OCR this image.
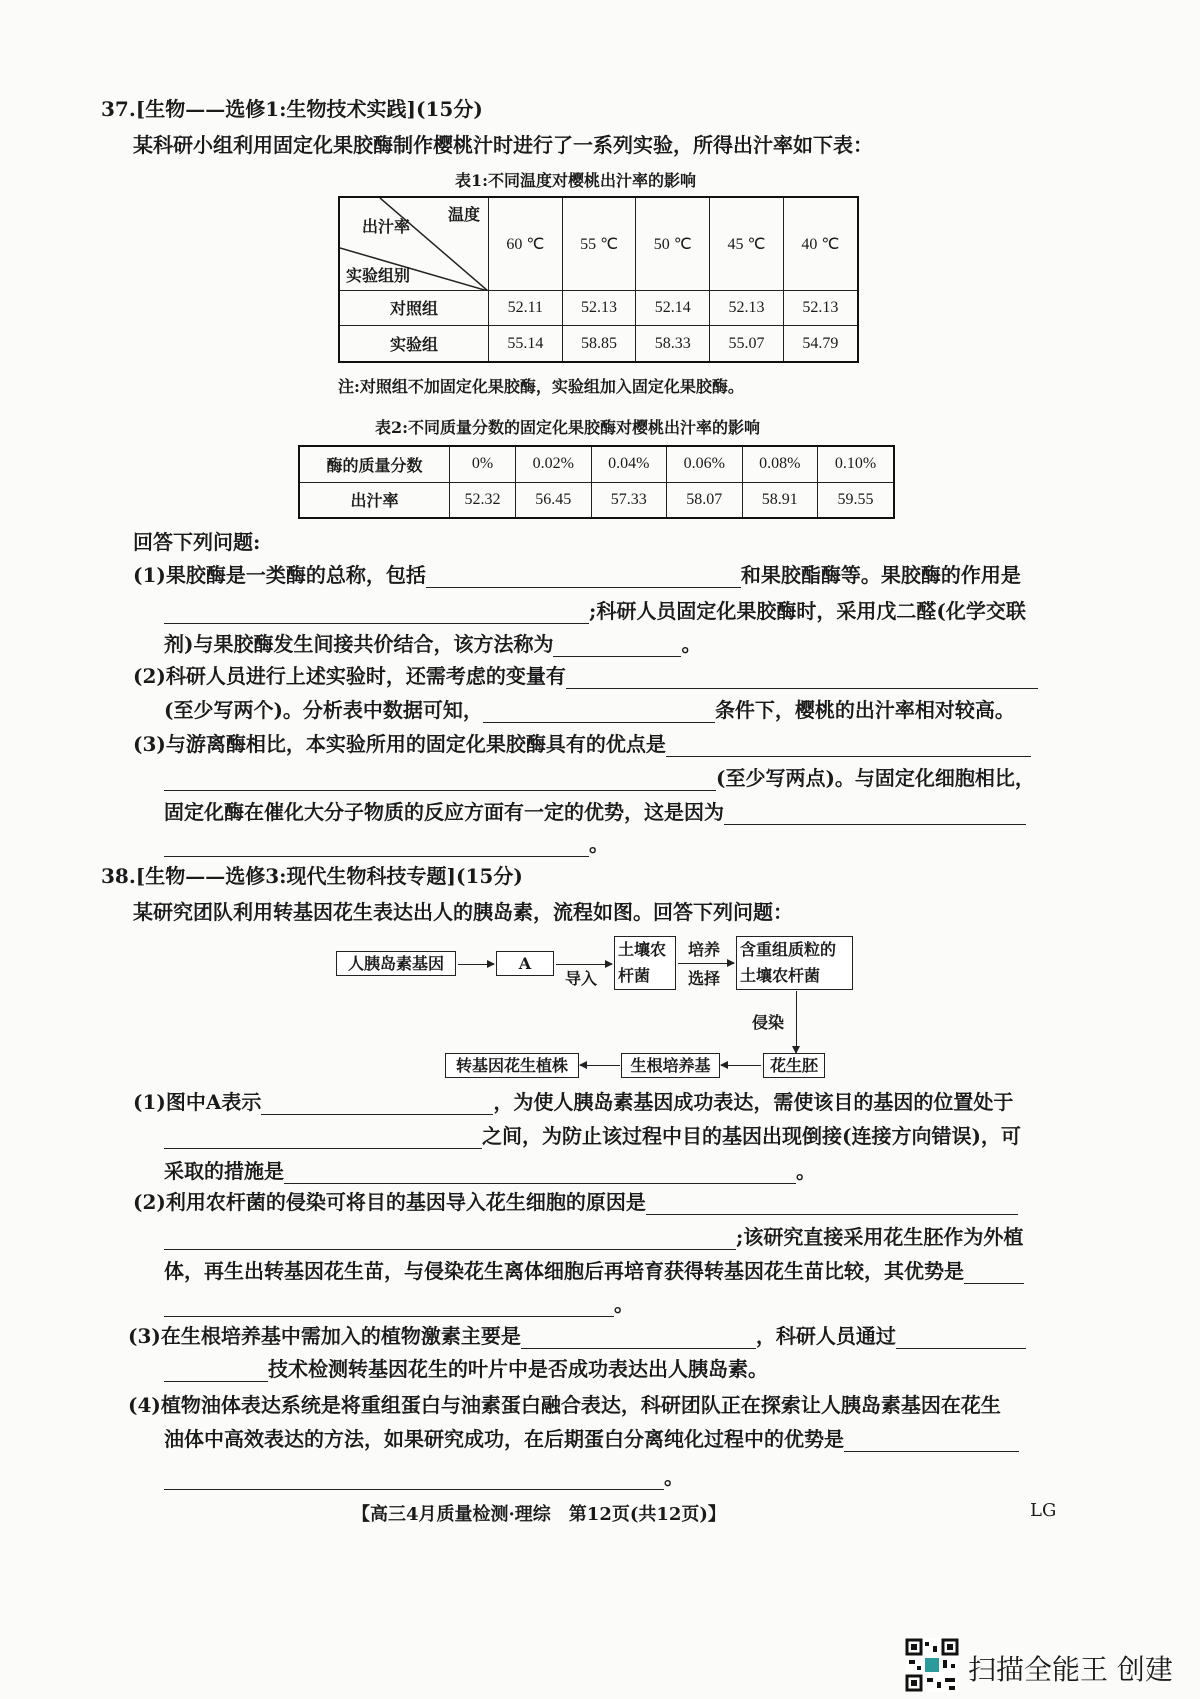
37.[生物——选修1:生物技术实践](15分)
某科研小组利用固定化果胶酶制作樱桃汁时进行了一系列实验，所得出汁率如下表：
表1:不同温度对樱桃出汁率的影响
温度
出汁率
实验组别	60 ℃	55 ℃	50 ℃	45 ℃	40 ℃
对照组	52.11	52.13	52.14	52.13	52.13
实验组	55.14	58.85	58.33	55.07	54.79
注:对照组不加固定化果胶酶，实验组加入固定化果胶酶。
表2:不同质量分数的固定化果胶酶对樱桃出汁率的影响
酶的质量分数	0%	0.02%	0.04%	0.06%	0.08%	0.10%
出汁率	52.32	56.45	57.33	58.07	58.91	59.55
回答下列问题:
(1)果胶酶是一类酶的总称，包括	和果胶酯酶等。果胶酶的作用是
;科研人员固定化果胶酶时，采用戊二醛(化学交联
剂)与果胶酶发生间接共价结合，该方法称为	。
(2)科研人员进行上述实验时，还需考虑的变量有
(至少写两个)。分析表中数据可知，	条件下，樱桃的出汁率相对较高。
(3)与游离酶相比，本实验所用的固定化果胶酶具有的优点是
(至少写两点)。与固定化细胞相比，
固定化酶在催化大分子物质的反应方面有一定的优势，这是因为
。
38.[生物——选修3:现代生物科技专题](15分)
某研究团队利用转基因花生表达出人的胰岛素，流程如图。回答下列问题：
人胰岛素基因	A
导入
土壤农
杆菌
培养
选择
含重组质粒的
土壤农杆菌
侵染
花生胚
生根培养基
转基因花生植株
(1)图中A表示	，为使人胰岛素基因成功表达，需使该目的基因的位置处于
之间，为防止该过程中目的基因出现倒接(连接方向错误)，可
采取的措施是	。
(2)利用农杆菌的侵染可将目的基因导入花生细胞的原因是
;该研究直接采用花生胚作为外植
体，再生出转基因花生苗，与侵染花生离体细胞后再培育获得转基因花生苗比较，其优势是
。
(3)在生根培养基中需加入的植物激素主要是	，科研人员通过
技术检测转基因花生的叶片中是否成功表达出人胰岛素。
(4)植物油体表达系统是将重组蛋白与油素蛋白融合表达，科研团队正在探索让人胰岛素基因在花生
油体中高效表达的方法，如果研究成功，在后期蛋白分离纯化过程中的优势是
。
【高三4月质量检测·理综　第12页(共12页)】	LG
扫描全能王 创建
